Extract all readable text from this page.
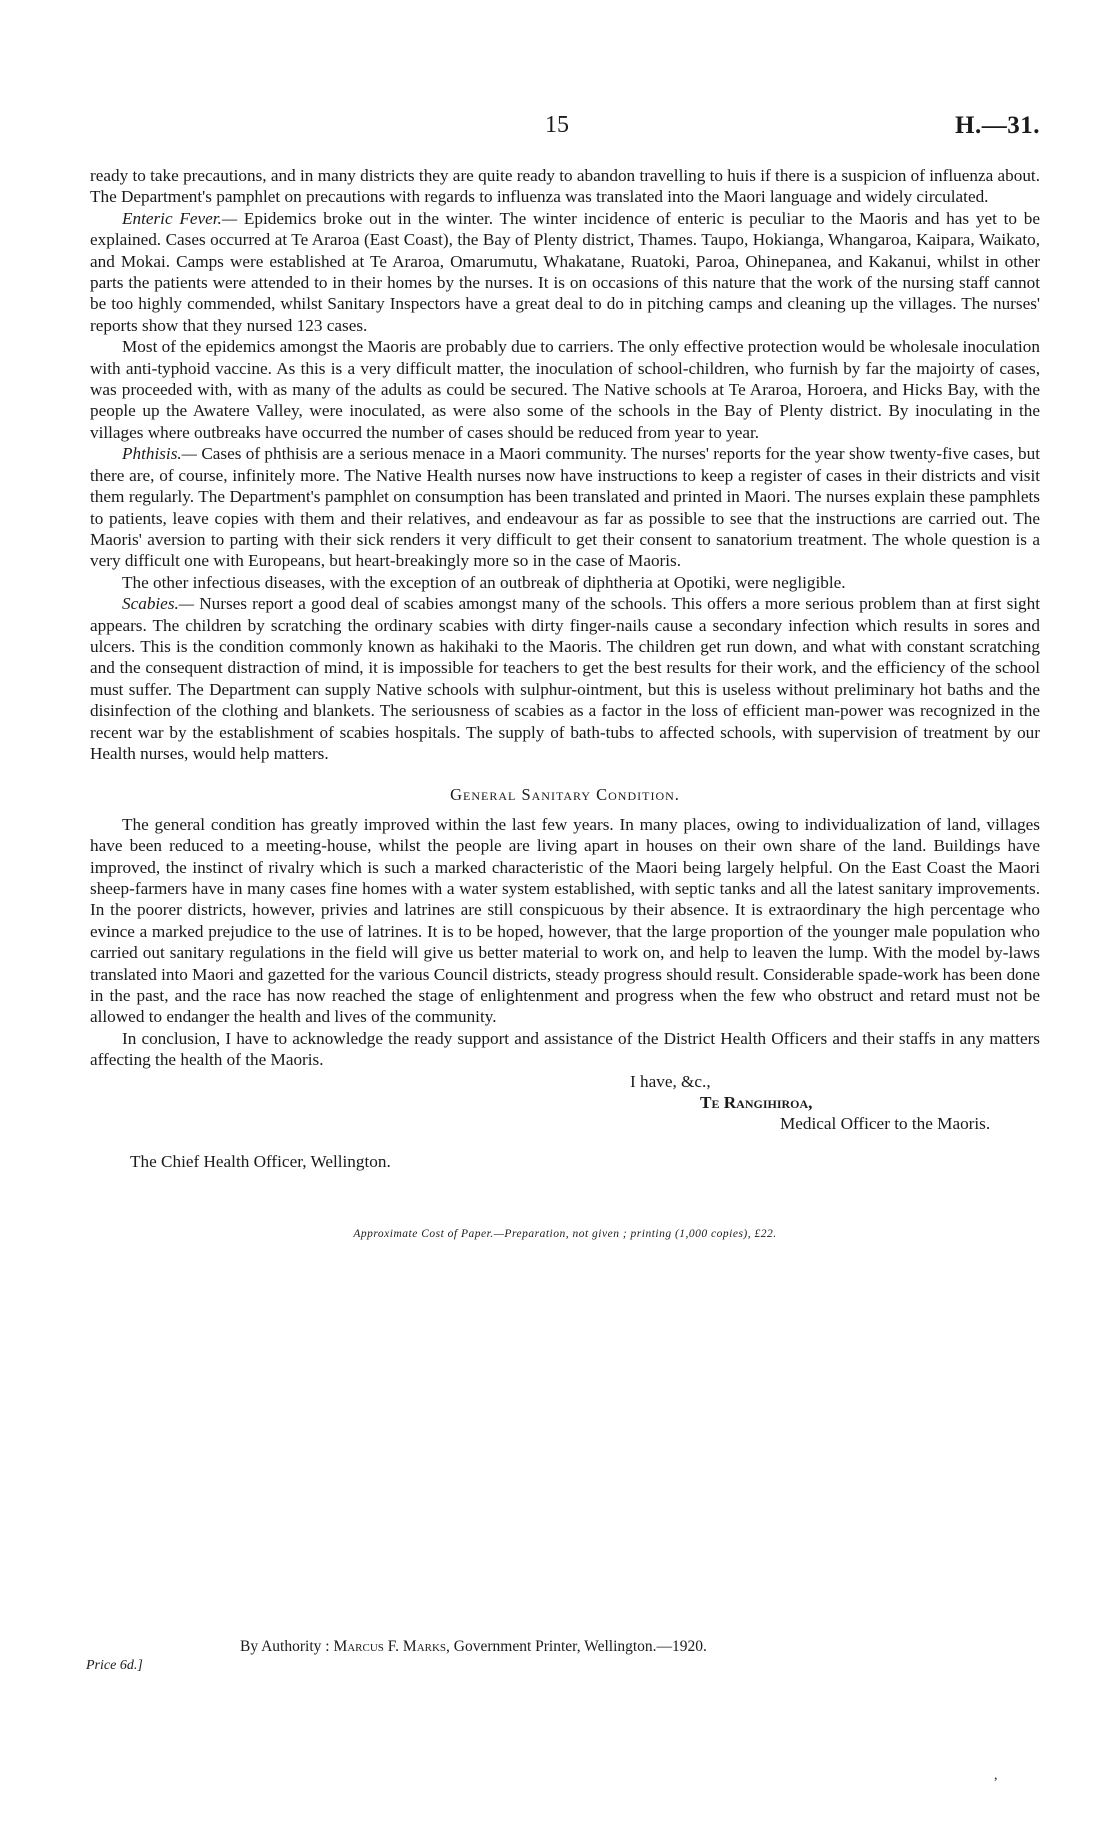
15	H.—31.

ready to take precautions, and in many districts they are quite ready to abandon travelling to huis if there is a suspicion of influenza about. The Department's pamphlet on precautions with regards to influenza was translated into the Maori language and widely circulated.

Enteric Fever.— Epidemics broke out in the winter. The winter incidence of enteric is peculiar to the Maoris and has yet to be explained. Cases occurred at Te Araroa (East Coast), the Bay of Plenty district, Thames. Taupo, Hokianga, Whangaroa, Kaipara, Waikato, and Mokai. Camps were established at Te Araroa, Omarumutu, Whakatane, Ruatoki, Paroa, Ohinepanea, and Kakanui, whilst in other parts the patients were attended to in their homes by the nurses. It is on occasions of this nature that the work of the nursing staff cannot be too highly commended, whilst Sanitary Inspectors have a great deal to do in pitching camps and cleaning up the villages. The nurses' reports show that they nursed 123 cases.

Most of the epidemics amongst the Maoris are probably due to carriers. The only effective protection would be wholesale inoculation with anti-typhoid vaccine. As this is a very difficult matter, the inoculation of school-children, who furnish by far the majoirty of cases, was proceeded with, with as many of the adults as could be secured. The Native schools at Te Araroa, Horoera, and Hicks Bay, with the people up the Awatere Valley, were inoculated, as were also some of the schools in the Bay of Plenty district. By inoculating in the villages where outbreaks have occurred the number of cases should be reduced from year to year.

Phthisis.— Cases of phthisis are a serious menace in a Maori community. The nurses' reports for the year show twenty-five cases, but there are, of course, infinitely more. The Native Health nurses now have instructions to keep a register of cases in their districts and visit them regularly. The Department's pamphlet on consumption has been translated and printed in Maori. The nurses explain these pamphlets to patients, leave copies with them and their relatives, and endeavour as far as possible to see that the instructions are carried out. The Maoris' aversion to parting with their sick renders it very difficult to get their consent to sanatorium treatment. The whole question is a very difficult one with Europeans, but heart-breakingly more so in the case of Maoris.

The other infectious diseases, with the exception of an outbreak of diphtheria at Opotiki, were negligible.

Scabies.— Nurses report a good deal of scabies amongst many of the schools. This offers a more serious problem than at first sight appears. The children by scratching the ordinary scabies with dirty finger-nails cause a secondary infection which results in sores and ulcers. This is the condition commonly known as hakihaki to the Maoris. The children get run down, and what with constant scratching and the consequent distraction of mind, it is impossible for teachers to get the best results for their work, and the efficiency of the school must suffer. The Department can supply Native schools with sulphur-ointment, but this is useless without preliminary hot baths and the disinfection of the clothing and blankets. The seriousness of scabies as a factor in the loss of efficient man-power was recognized in the recent war by the establishment of scabies hospitals. The supply of bath-tubs to affected schools, with supervision of treatment by our Health nurses, would help matters.

General Sanitary Condition.

The general condition has greatly improved within the last few years. In many places, owing to individualization of land, villages have been reduced to a meeting-house, whilst the people are living apart in houses on their own share of the land. Buildings have improved, the instinct of rivalry which is such a marked characteristic of the Maori being largely helpful. On the East Coast the Maori sheep-farmers have in many cases fine homes with a water system established, with septic tanks and all the latest sanitary improvements. In the poorer districts, however, privies and latrines are still conspicuous by their absence. It is extraordinary the high percentage who evince a marked prejudice to the use of latrines. It is to be hoped, however, that the large proportion of the younger male population who carried out sanitary regulations in the field will give us better material to work on, and help to leaven the lump. With the model by-laws translated into Maori and gazetted for the various Council districts, steady progress should result. Considerable spade-work has been done in the past, and the race has now reached the stage of enlightenment and progress when the few who obstruct and retard must not be allowed to endanger the health and lives of the community.

In conclusion, I have to acknowledge the ready support and assistance of the District Health Officers and their staffs in any matters affecting the health of the Maoris.

I have, &c.,

Te Rangihiroa,

Medical Officer to the Maoris.

The Chief Health Officer, Wellington.

Approximate Cost of Paper.—Preparation, not given ; printing (1,000 copies), £22.

By Authority : Marcus F. Marks, Government Printer, Wellington.—1920.
Price 6d.]
,
